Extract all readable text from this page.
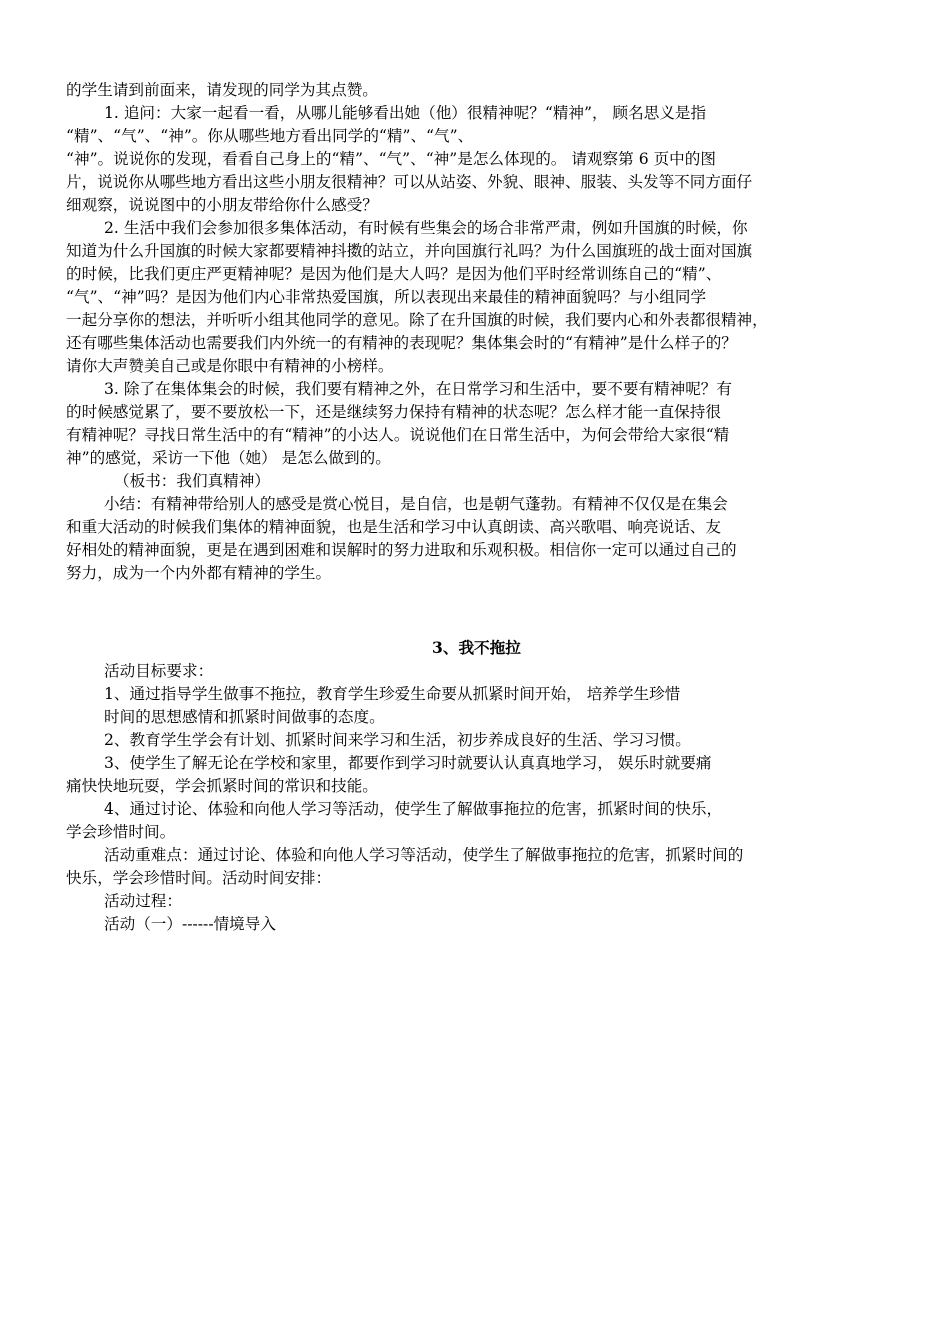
的学生请到前面来，请发现的同学为其点赞。

1. 追问：大家一起看一看，从哪儿能够看出她（他）很精神呢？“精神”， 顾名思义是指

“精”、“气”、“神”。你从哪些地方看出同学的“精”、“气”、

“神”。说说你的发现，看看自己身上的“精”、“气”、“神”是怎么体现的。 请观察第 6 页中的图

片，说说你从哪些地方看出这些小朋友很精神？可以从站姿、外貌、眼神、服装、头发等不同方面仔

细观察，说说图中的小朋友带给你什么感受？

2. 生活中我们会参加很多集体活动，有时候有些集会的场合非常严肃，例如升国旗的时候，你

知道为什么升国旗的时候大家都要精神抖擞的站立，并向国旗行礼吗？为什么国旗班的战士面对国旗

的时候，比我们更庄严更精神呢？是因为他们是大人吗？是因为他们平时经常训练自己的“精”、

“气”、“神”吗？是因为他们内心非常热爱国旗，所以表现出来最佳的精神面貌吗？与小组同学

一起分享你的想法，并听听小组其他同学的意见。除了在升国旗的时候，我们要内心和外表都很精神，

还有哪些集体活动也需要我们内外统一的有精神的表现呢？集体集会时的“有精神”是什么样子的？

请你大声赞美自己或是你眼中有精神的小榜样。

3. 除了在集体集会的时候，我们要有精神之外，在日常学习和生活中，要不要有精神呢？有

的时候感觉累了，要不要放松一下，还是继续努力保持有精神的状态呢？怎么样才能一直保持很

有精神呢？寻找日常生活中的有“精神”的小达人。说说他们在日常生活中，为何会带给大家很“精

神”的感觉，采访一下他（她） 是怎么做到的。

（板书：我们真精神）

小结：有精神带给别人的感受是赏心悦目，是自信，也是朝气蓬勃。有精神不仅仅是在集会

和重大活动的时候我们集体的精神面貌，也是生活和学习中认真朗读、高兴歌唱、响亮说话、友

好相处的精神面貌，更是在遇到困难和误解时的努力进取和乐观积极。相信你一定可以通过自己的

努力，成为一个内外都有精神的学生。

3、我不拖拉

活动目标要求：

1、通过指导学生做事不拖拉，教育学生珍爱生命要从抓紧时间开始， 培养学生珍惜

时间的思想感情和抓紧时间做事的态度。

2、教育学生学会有计划、抓紧时间来学习和生活，初步养成良好的生活、学习习惯。

3、使学生了解无论在学校和家里，都要作到学习时就要认认真真地学习， 娱乐时就要痛

痛快快地玩耍，学会抓紧时间的常识和技能。

4、通过讨论、体验和向他人学习等活动，使学生了解做事拖拉的危害，抓紧时间的快乐，

学会珍惜时间。

活动重难点：通过讨论、体验和向他人学习等活动，使学生了解做事拖拉的危害，抓紧时间的

快乐，学会珍惜时间。活动时间安排：

活动过程：

活动（一）------情境导入
